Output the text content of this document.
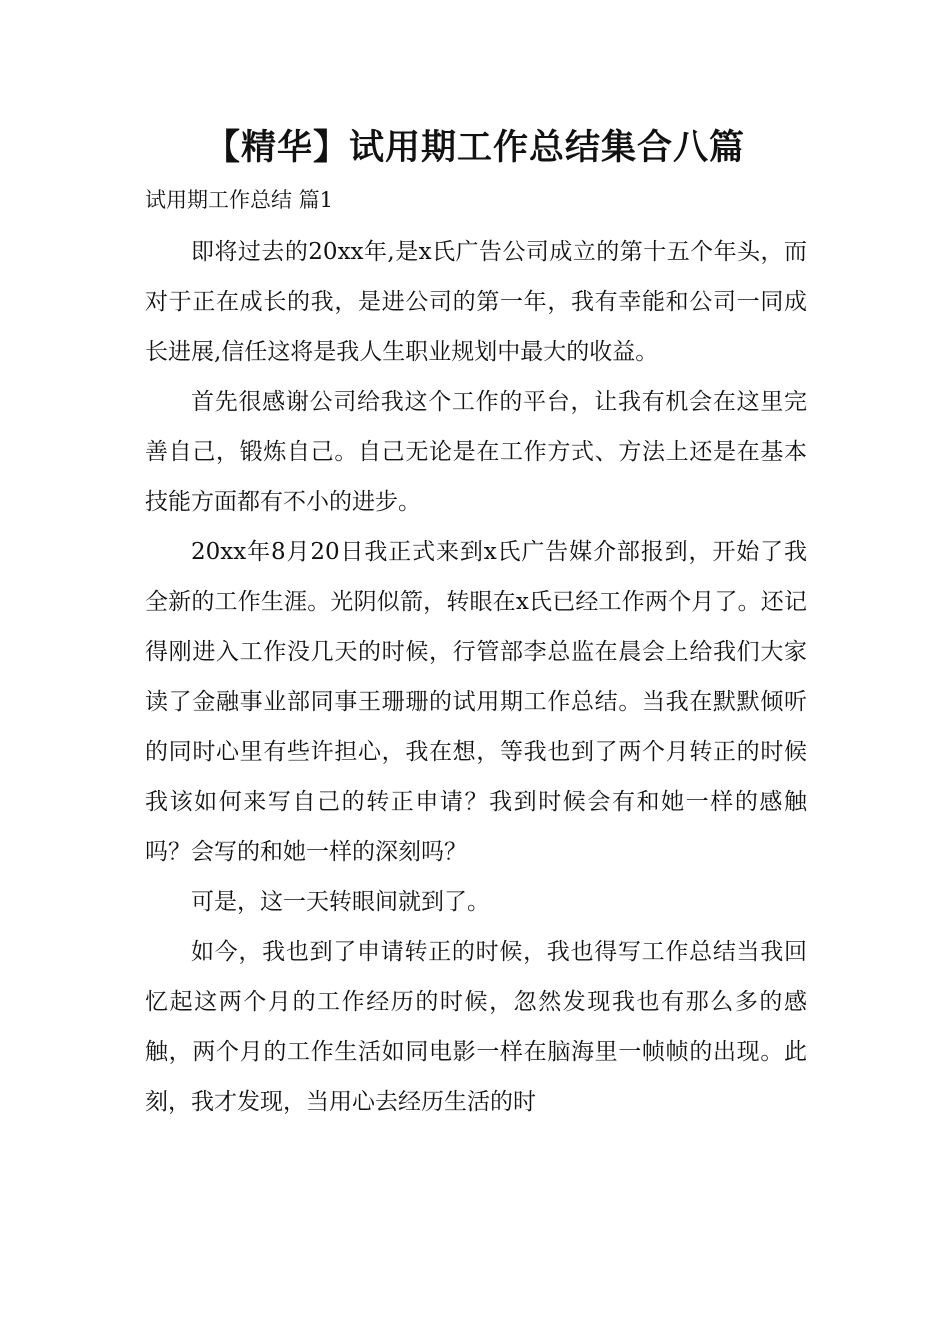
【精华】试用期工作总结集合八篇
试用期工作总结 篇1

即将过去的20xx年,是x氏广告公司成立的第十五个年头，而对于正在成长的我，是进公司的第一年，我有幸能和公司一同成长进展,信任这将是我人生职业规划中最大的收益。

首先很感谢公司给我这个工作的平台，让我有机会在这里完善自己，锻炼自己。自己无论是在工作方式、方法上还是在基本技能方面都有不小的进步。

20xx年8月20日我正式来到x氏广告媒介部报到，开始了我全新的工作生涯。光阴似箭，转眼在x氏已经工作两个月了。还记得刚进入工作没几天的时候，行管部李总监在晨会上给我们大家读了金融事业部同事王珊珊的试用期工作总结。当我在默默倾听的同时心里有些许担心，我在想，等我也到了两个月转正的时候我该如何来写自己的转正申请？我到时候会有和她一样的感触吗？会写的和她一样的深刻吗？

可是，这一天转眼间就到了。

如今，我也到了申请转正的时候，我也得写工作总结当我回忆起这两个月的工作经历的时候，忽然发现我也有那么多的感触，两个月的工作生活如同电影一样在脑海里一帧帧的出现。此刻，我才发现，当用心去经历生活的时
